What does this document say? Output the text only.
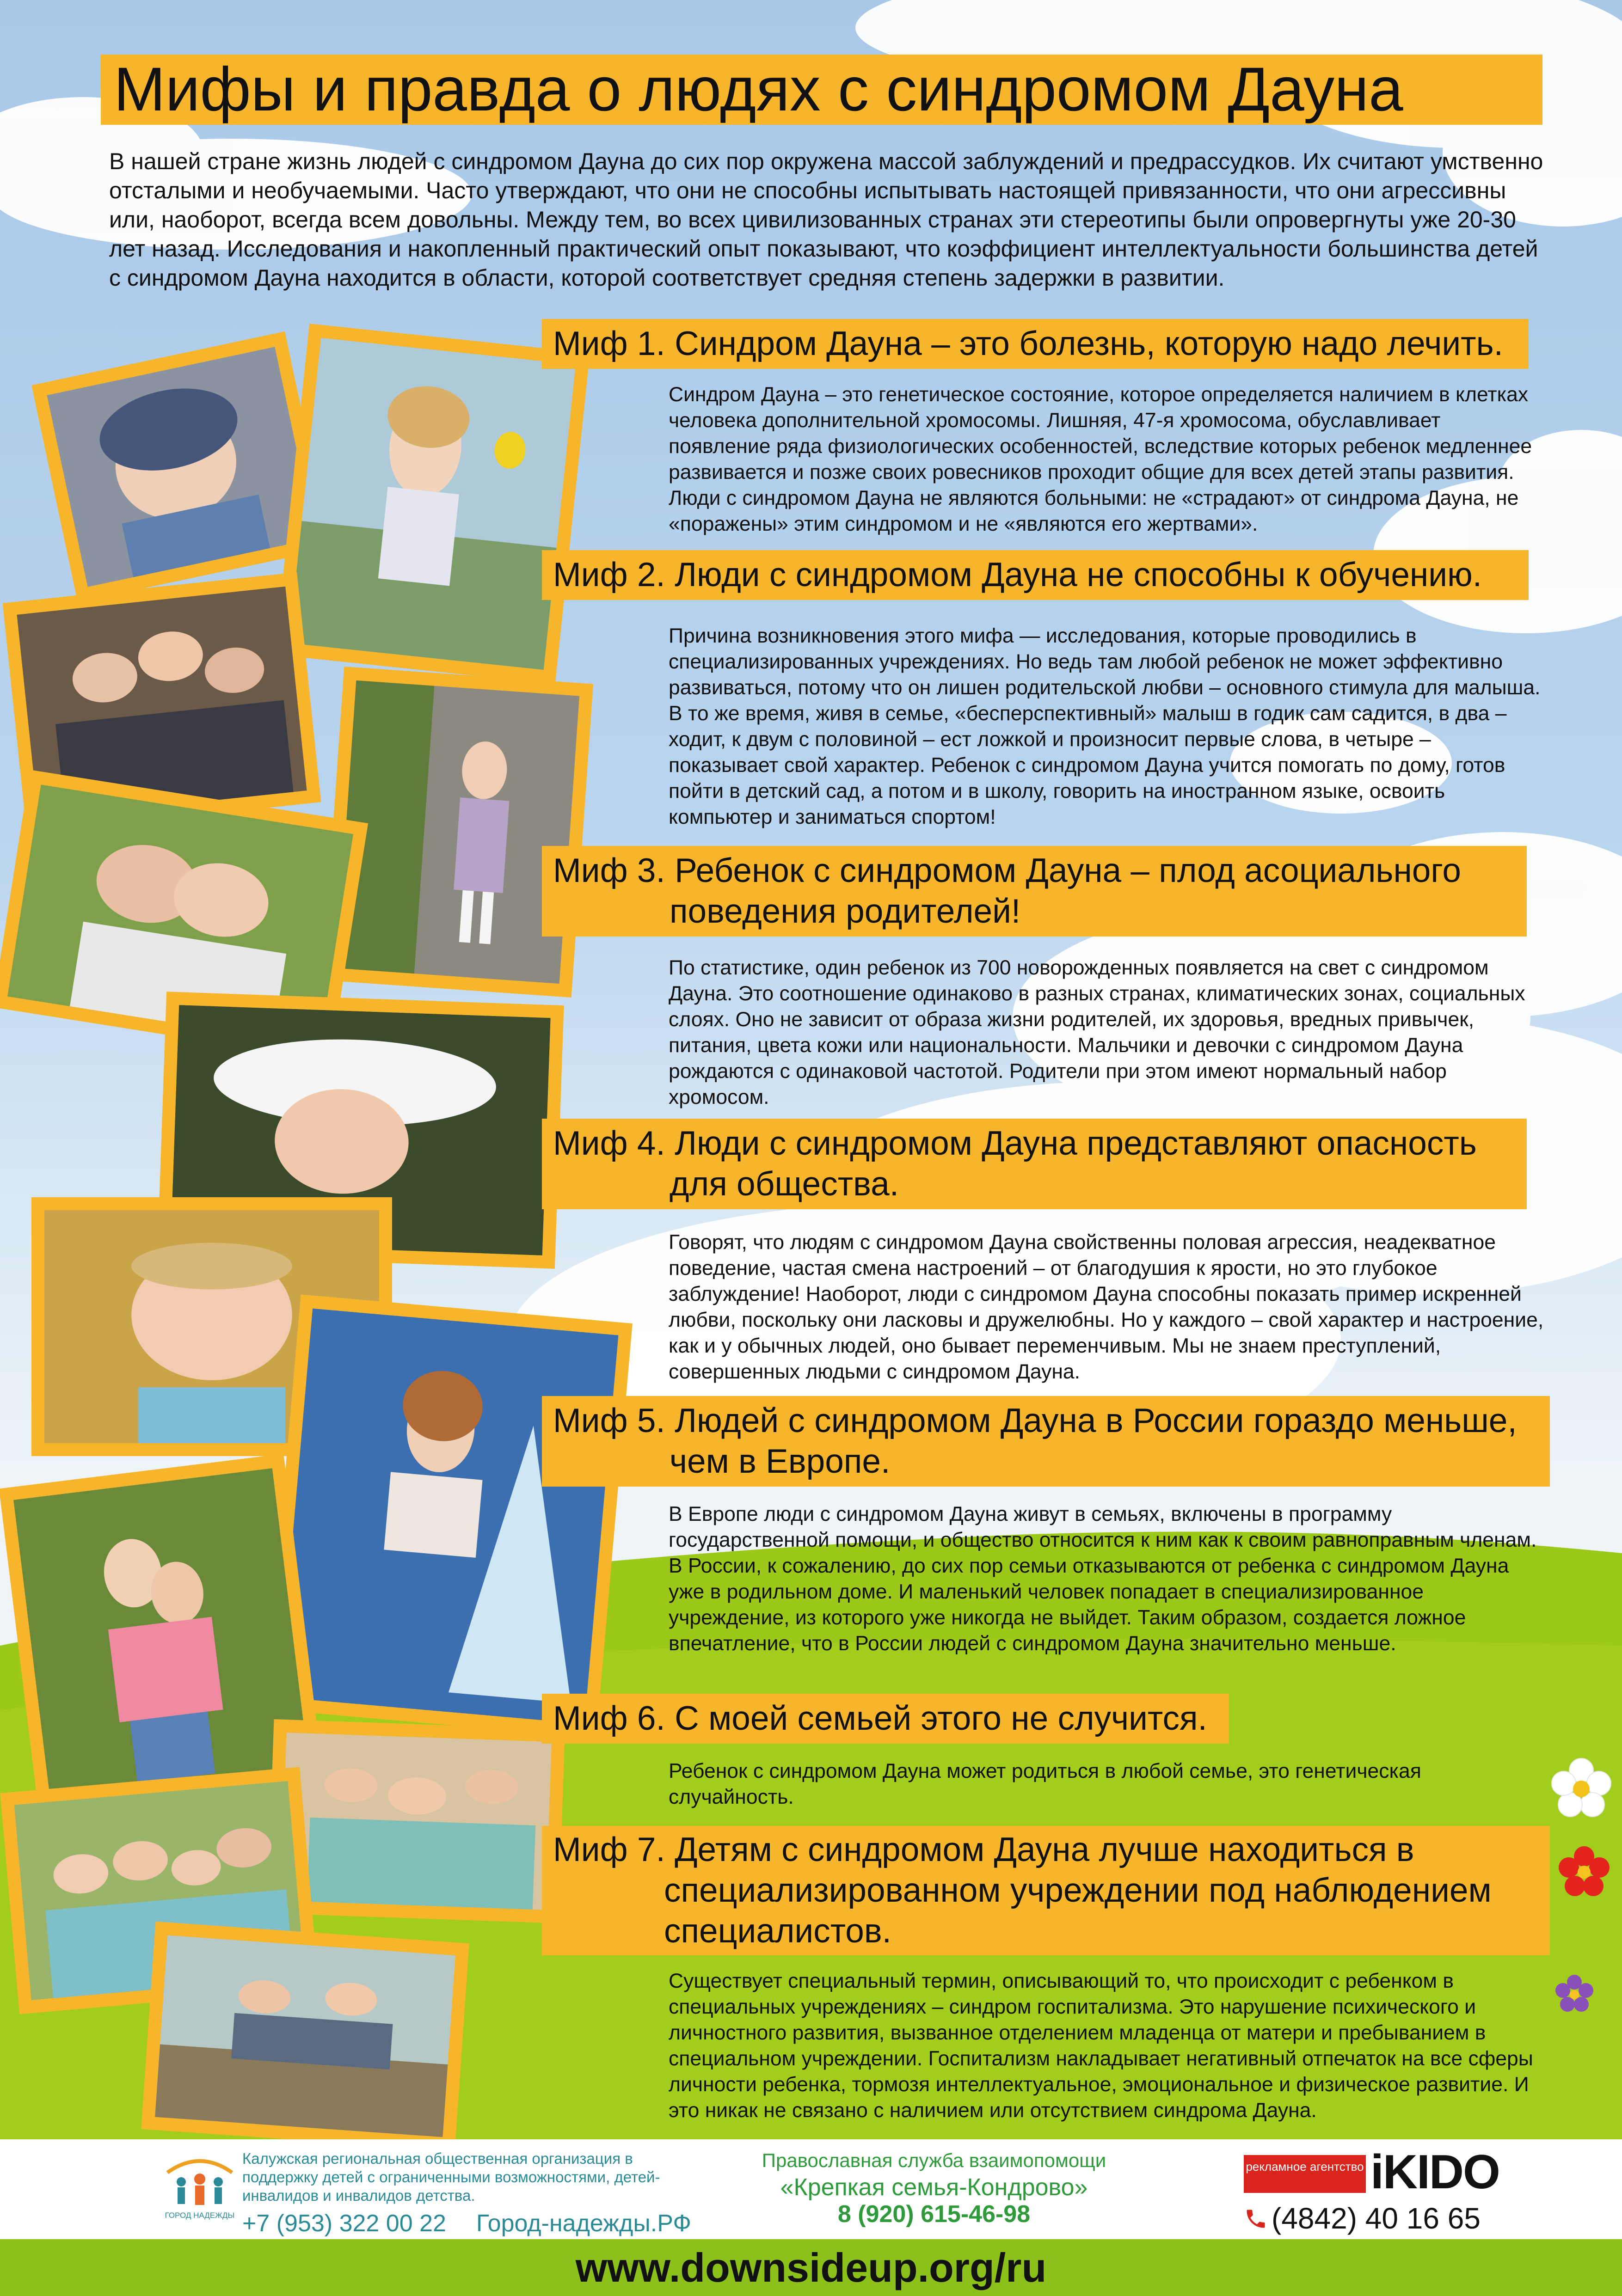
Мифы и правда о людях с синдромом Дауна
В нашей стране жизнь людей с синдромом Дауна до сих пор окружена массой заблуждений и предрассудков. Их считают умственно отсталыми и необучаемыми. Часто утверждают, что они не способны испытывать настоящей привязанности, что они агрессивны или, наоборот, всегда всем довольны. Между тем, во всех цивилизованных странах эти стереотипы были опровергнуты уже 20-30 лет назад. Исследования и накопленный практический опыт показывают, что коэффициент интеллектуальности большинства детей с синдромом Дауна находится в области, которой соответствует средняя степень задержки в развитии.
Миф 1. Синдром Дауна – это болезнь, которую надо лечить.
Синдром Дауна – это генетическое состояние, которое определяется наличием в клетках человека дополнительной хромосомы. Лишняя, 47-я хромосома, обуславливает появление ряда физиологических особенностей, вследствие которых ребенок медленнее развивается и позже своих ровесников проходит общие для всех детей этапы развития. Люди с синдромом Дауна не являются больными: не «страдают» от синдрома Дауна, не «поражены» этим синдромом и не «являются его жертвами».
Миф 2. Люди с синдромом Дауна не способны к обучению.
Причина возникновения этого мифа — исследования, которые проводились в специализированных учреждениях. Но ведь там любой ребенок не может эффективно развиваться, потому что он лишен родительской любви – основного стимула для малыша. В то же время, живя в семье, «бесперспективный» малыш в годик сам садится, в два – ходит, к двум с половиной – ест ложкой и произносит первые слова, в четыре – показывает свой характер. Ребенок с синдромом Дауна учится помогать по дому, готов пойти в детский сад, а потом и в школу, говорить на иностранном языке, освоить компьютер и заниматься спортом!
Миф 3. Ребенок с синдромом Дауна – плод асоциального
поведения родителей!
По статистике, один ребенок из 700 новорожденных появляется на свет с синдромом Дауна. Это соотношение одинаково в разных странах, климатических зонах, социальных слоях. Оно не зависит от образа жизни родителей, их здоровья, вредных привычек, питания, цвета кожи или национальности. Мальчики и девочки с синдромом Дауна рождаются с одинаковой частотой. Родители при этом имеют нормальный набор хромосом.
Миф 4. Люди с синдромом Дауна представляют опасность
для общества.
Говорят, что людям с синдромом Дауна свойственны половая агрессия, неадекватное поведение, частая смена настроений – от благодушия к ярости, но это глубокое заблуждение! Наоборот, люди с синдромом Дауна способны показать пример искренней любви, поскольку они ласковы и дружелюбны. Но у каждого – свой характер и настроение, как и у обычных людей, оно бывает переменчивым. Мы не знаем преступлений, совершенных людьми с синдромом Дауна.
Миф 5. Людей с синдромом Дауна в России гораздо меньше,
чем в Европе.
В Европе люди с синдромом Дауна живут в семьях, включены в программу государственной помощи, и общество относится к ним как к своим равноправным членам. В России, к сожалению, до сих пор семьи отказываются от ребенка с синдромом Дауна уже в родильном доме. И маленький человек попадает в специализированное учреждение, из которого уже никогда не выйдет. Таким образом, создается ложное впечатление, что в России людей с синдромом Дауна значительно меньше.
Миф 6. С моей семьей этого не случится.
Ребенок с синдромом Дауна может родиться в любой семье, это генетическая случайность.
Миф 7. Детям с синдромом Дауна лучше находиться в
специализированном учреждении под наблюдением
специалистов.
Существует специальный термин, описывающий то, что происходит с ребенком в специальных учреждениях – синдром госпитализма. Это нарушение психического и личностного развития, вызванное отделением младенца от матери и пребыванием в специальном учреждении. Госпитализм накладывает негативный отпечаток на все сферы личности ребенка, тормозя интеллектуальное, эмоциональное и физическое развитие. И это никак не связано с наличием или отсутствием синдрома Дауна.
ГОРОД НАДЕЖДЫ
Калужская региональная общественная организация в поддержку детей с ограниченными возможностями, детей-инвалидов и инвалидов детства.
+7 (953) 322 00 22 Город-надежды.РФ
Православная служба взаимопомощи
«Крепкая семья-Кондрово»
8 (920) 615-46-98
рекламное агентство iKIDO
(4842) 40 16 65
www.downsideup.org/ru
